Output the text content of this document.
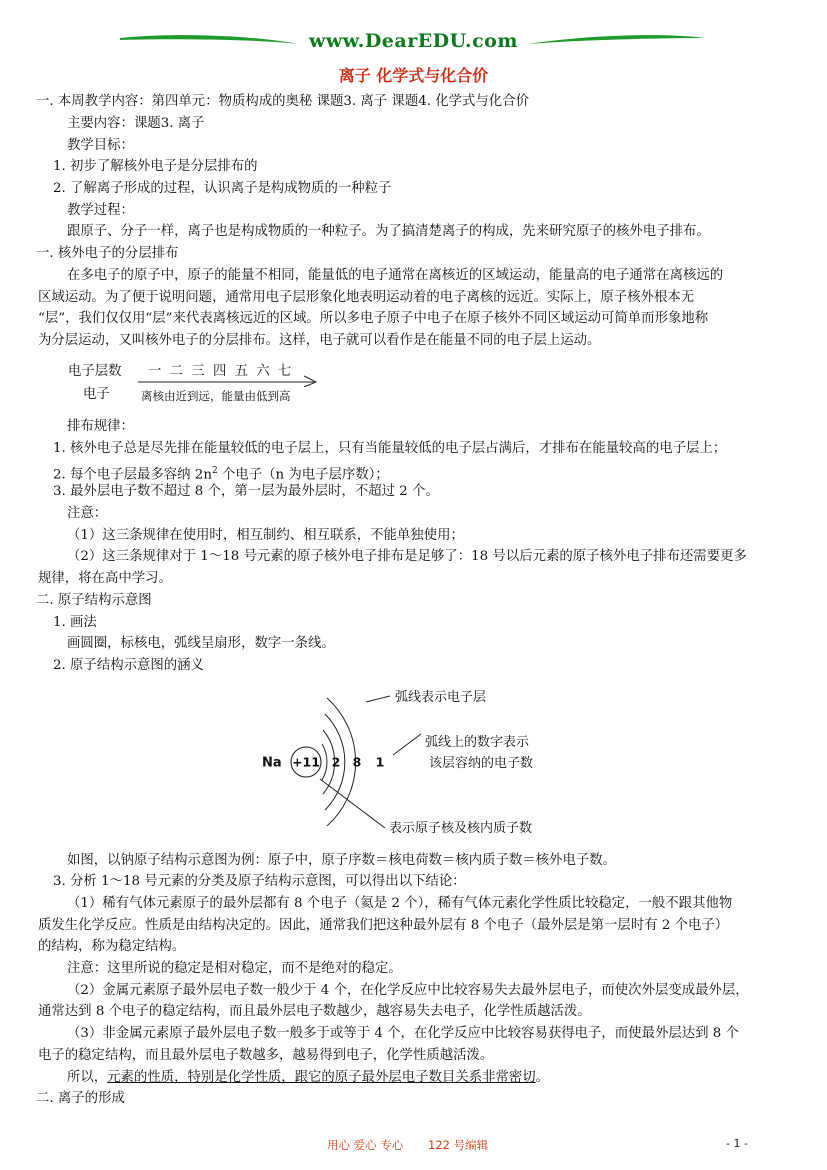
www.DearEDU.com
离子 化学式与化合价
一. 本周教学内容：第四单元：物质构成的奥秘 课题3. 离子 课题4. 化学式与化合价
主要内容：课题3. 离子
教学目标：
1. 初步了解核外电子是分层排布的
2. 了解离子形成的过程，认识离子是构成物质的一种粒子
教学过程：
跟原子、分子一样，离子也是构成物质的一种粒子。为了搞清楚离子的构成，先来研究原子的核外电子排布。
一. 核外电子的分层排布
在多电子的原子中，原子的能量不相同，能量低的电子通常在离核近的区域运动，能量高的电子通常在离核远的
区域运动。为了便于说明问题，通常用电子层形象化地表明运动着的电子离核的远近。实际上，原子核外根本无
“层”，我们仅仅用“层”来代表离核远近的区域。所以多电子原子中电子在原子核外不同区域运动可简单而形象地称
为分层运动，又叫核外电子的分层排布。这样，电子就可以看作是在能量不同的电子层上运动。
电子层数 一 二 三 四 五 六 七
电子	离核由近到远，能量由低到高
排布规律：
1. 核外电子总是尽先排在能量较低的电子层上，只有当能量较低的电子层占满后，才排布在能量较高的电子层上；
2. 每个电子层最多容纳 $2n^2$ 个电子（n 为电子层序数）；
3. 最外层电子数不超过 8 个，第一层为最外层时，不超过 2 个。
注意：
（1）这三条规律在使用时，相互制约、相互联系，不能单独使用；
（2）这三条规律对于 1～18 号元素的原子核外电子排布是足够了：18 号以后元素的原子核外电子排布还需要更多
规律，将在高中学习。
二. 原子结构示意图
1. 画法
画圆圈，标核电，弧线呈扇形，数字一条线。
2. 原子结构示意图的涵义
+11
Na	2 8 1
弧线表示电子层
弧线上的数字表示
该层容纳的电子数
表示原子核及核内质子数
如图，以钠原子结构示意图为例：原子中，原子序数＝核电荷数＝核内质子数＝核外电子数。
3. 分析 1～18 号元素的分类及原子结构示意图，可以得出以下结论：
（1）稀有气体元素原子的最外层都有 8 个电子（氦是 2 个），稀有气体元素化学性质比较稳定，一般不跟其他物
质发生化学反应。性质是由结构决定的。因此，通常我们把这种最外层有 8 个电子（最外层是第一层时有 2 个电子）
的结构，称为稳定结构。
注意：这里所说的稳定是相对稳定，而不是绝对的稳定。
（2）金属元素原子最外层电子数一般少于 4 个，在化学反应中比较容易失去最外层电子，而使次外层变成最外层，
通常达到 8 个电子的稳定结构，而且最外层电子数越少，越容易失去电子，化学性质越活泼。
（3）非金属元素原子最外层电子数一般多于或等于 4 个，在化学反应中比较容易获得电子，而使最外层达到 8 个
电子的稳定结构，而且最外层电子数越多，越易得到电子，化学性质越活泼。
所以，元素的性质，特别是化学性质，跟它的原子最外层电子数目关系非常密切。
二. 离子的形成
用心 爱心 专心 122 号编辑	- 1 -
